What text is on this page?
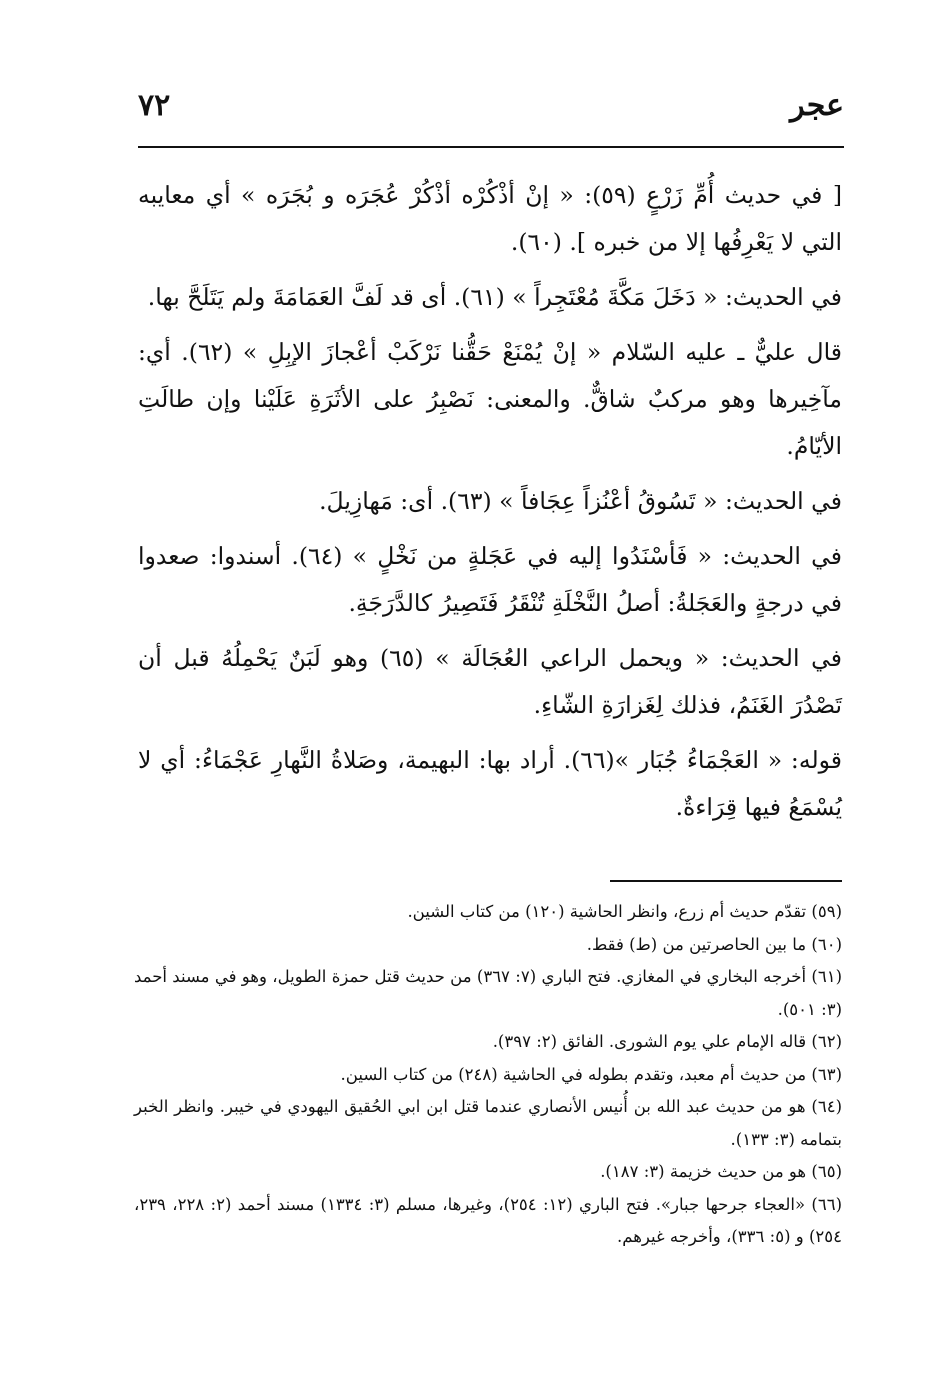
٧٢	عجر

[ في حديث أُمِّ زَرْعٍ (٥٩): « إنْ أذْكُرْه أذْكُرْ عُجَرَه و بُجَرَه » أي معايبه التي لا يَعْرِفُها إلا من خبره ]. (٦٠).

في الحديث: « دَخَلَ مَكَّةَ مُعْتَجِراً » (٦١). أى قد لَفَّ العَمَامَةَ ولم يَتَلَحَّ بها.

قال عليٌّ ـ عليه السّلام « إنْ يُمْنَعْ حَقُّنا نَرْكَبْ أعْجازَ الإبِلِ » (٦٢). أي: مآخِيرها وهو مركبٌ شاقٌّ. والمعنى: نَصْبِرُ على الأثَرَةِ عَلَيْنا وإن طالَتِ الأيّامُ.

في الحديث: « تَسُوقُ أعْنُزاً عِجَافاً » (٦٣). أى: مَهازِيلَ.

في الحديث: « فَأسْنَدُوا إليه في عَجَلةٍ من نَخْلٍ » (٦٤). أسندوا: صعدوا في درجةٍ والعَجَلةُ: أصلُ النَّخْلَةِ تُنْقَرُ فَتَصِيرُ كالدَّرَجَةِ.

في الحديث: « ويحمل الراعي العُجَالَة » (٦٥) وهو لَبَنٌ يَحْمِلُهُ قبل أن تَصْدُرَ الغَنَمُ، فذلك لِغَزارَةِ الشّاءِ.

قوله: « العَجْمَاءُ جُبَار »(٦٦). أراد بها: البهيمة، وصَلاةُ النَّهارِ عَجْمَاءُ: أي لا يُسْمَعُ فيها قِرَاءةٌ.

(٥٩) تقدّم حديث أم زرع، وانظر الحاشية (١٢٠) من كتاب الشين.

(٦٠) ما بين الحاصرتين من (ط) فقط.

(٦١) أخرجه البخاري في المغازي. فتح الباري (٧: ٣٦٧) من حديث قتل حمزة الطويل، وهو في مسند أحمد (٣: ٥٠١).

(٦٢) قاله الإمام علي يوم الشورى. الفائق (٢: ٣٩٧).

(٦٣) من حديث أم معبد، وتقدم بطوله في الحاشية (٢٤٨) من كتاب السين.

(٦٤) هو من حديث عبد الله بن أُنيس الأنصاري عندما قتل ابن ابي الحُقيق اليهودي في خيبر. وانظر الخبر بتمامه (٣: ١٣٣).

(٦٥) هو من حديث خزيمة (٣: ١٨٧).

(٦٦) «العجاء جرحها جبار». فتح الباري (١٢: ٢٥٤)، وغيرها، مسلم (٣: ١٣٣٤) مسند أحمد (٢: ٢٢٨، ٢٣٩، ٢٥٤) و (٥: ٣٣٦)، وأخرجه غيرهم.
